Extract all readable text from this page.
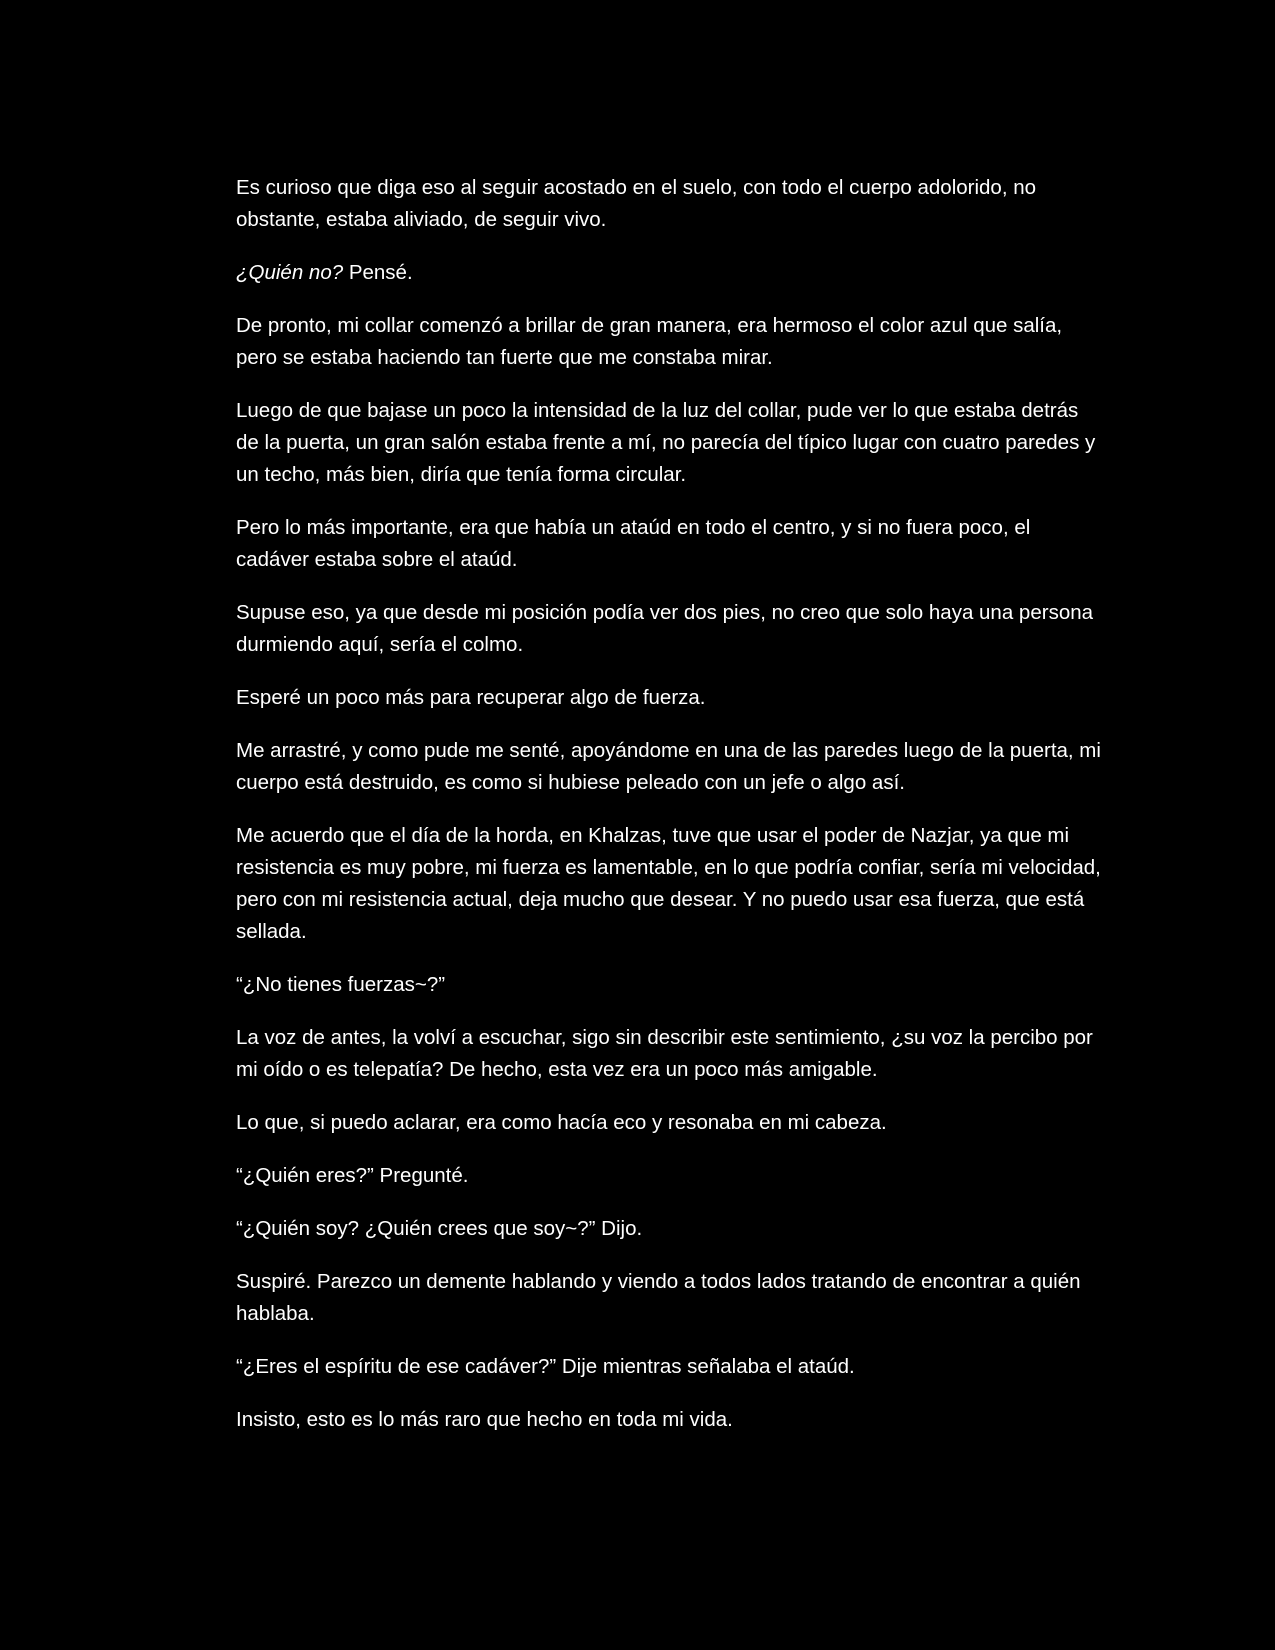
Es curioso que diga eso al seguir acostado en el suelo, con todo el cuerpo adolorido, no obstante, estaba aliviado, de seguir vivo.

¿Quién no? Pensé.

De pronto, mi collar comenzó a brillar de gran manera, era hermoso el color azul que salía, pero se estaba haciendo tan fuerte que me constaba mirar.

Luego de que bajase un poco la intensidad de la luz del collar, pude ver lo que estaba detrás de la puerta, un gran salón estaba frente a mí, no parecía del típico lugar con cuatro paredes y un techo, más bien, diría que tenía forma circular.

Pero lo más importante, era que había un ataúd en todo el centro, y si no fuera poco, el cadáver estaba sobre el ataúd.

Supuse eso, ya que desde mi posición podía ver dos pies, no creo que solo haya una persona durmiendo aquí, sería el colmo.

Esperé un poco más para recuperar algo de fuerza.

Me arrastré, y como pude me senté, apoyándome en una de las paredes luego de la puerta, mi cuerpo está destruido, es como si hubiese peleado con un jefe o algo así.

Me acuerdo que el día de la horda, en Khalzas, tuve que usar el poder de Nazjar, ya que mi resistencia es muy pobre, mi fuerza es lamentable, en lo que podría confiar, sería mi velocidad, pero con mi resistencia actual, deja mucho que desear. Y no puedo usar esa fuerza, que está sellada.

“¿No tienes fuerzas~?”

La voz de antes, la volví a escuchar, sigo sin describir este sentimiento, ¿su voz la percibo por mi oído o es telepatía? De hecho, esta vez era un poco más amigable.

Lo que, si puedo aclarar, era como hacía eco y resonaba en mi cabeza.

“¿Quién eres?” Pregunté.

“¿Quién soy? ¿Quién crees que soy~?” Dijo.

Suspiré. Parezco un demente hablando y viendo a todos lados tratando de encontrar a quién hablaba.

“¿Eres el espíritu de ese cadáver?” Dije mientras señalaba el ataúd.

Insisto, esto es lo más raro que hecho en toda mi vida.
